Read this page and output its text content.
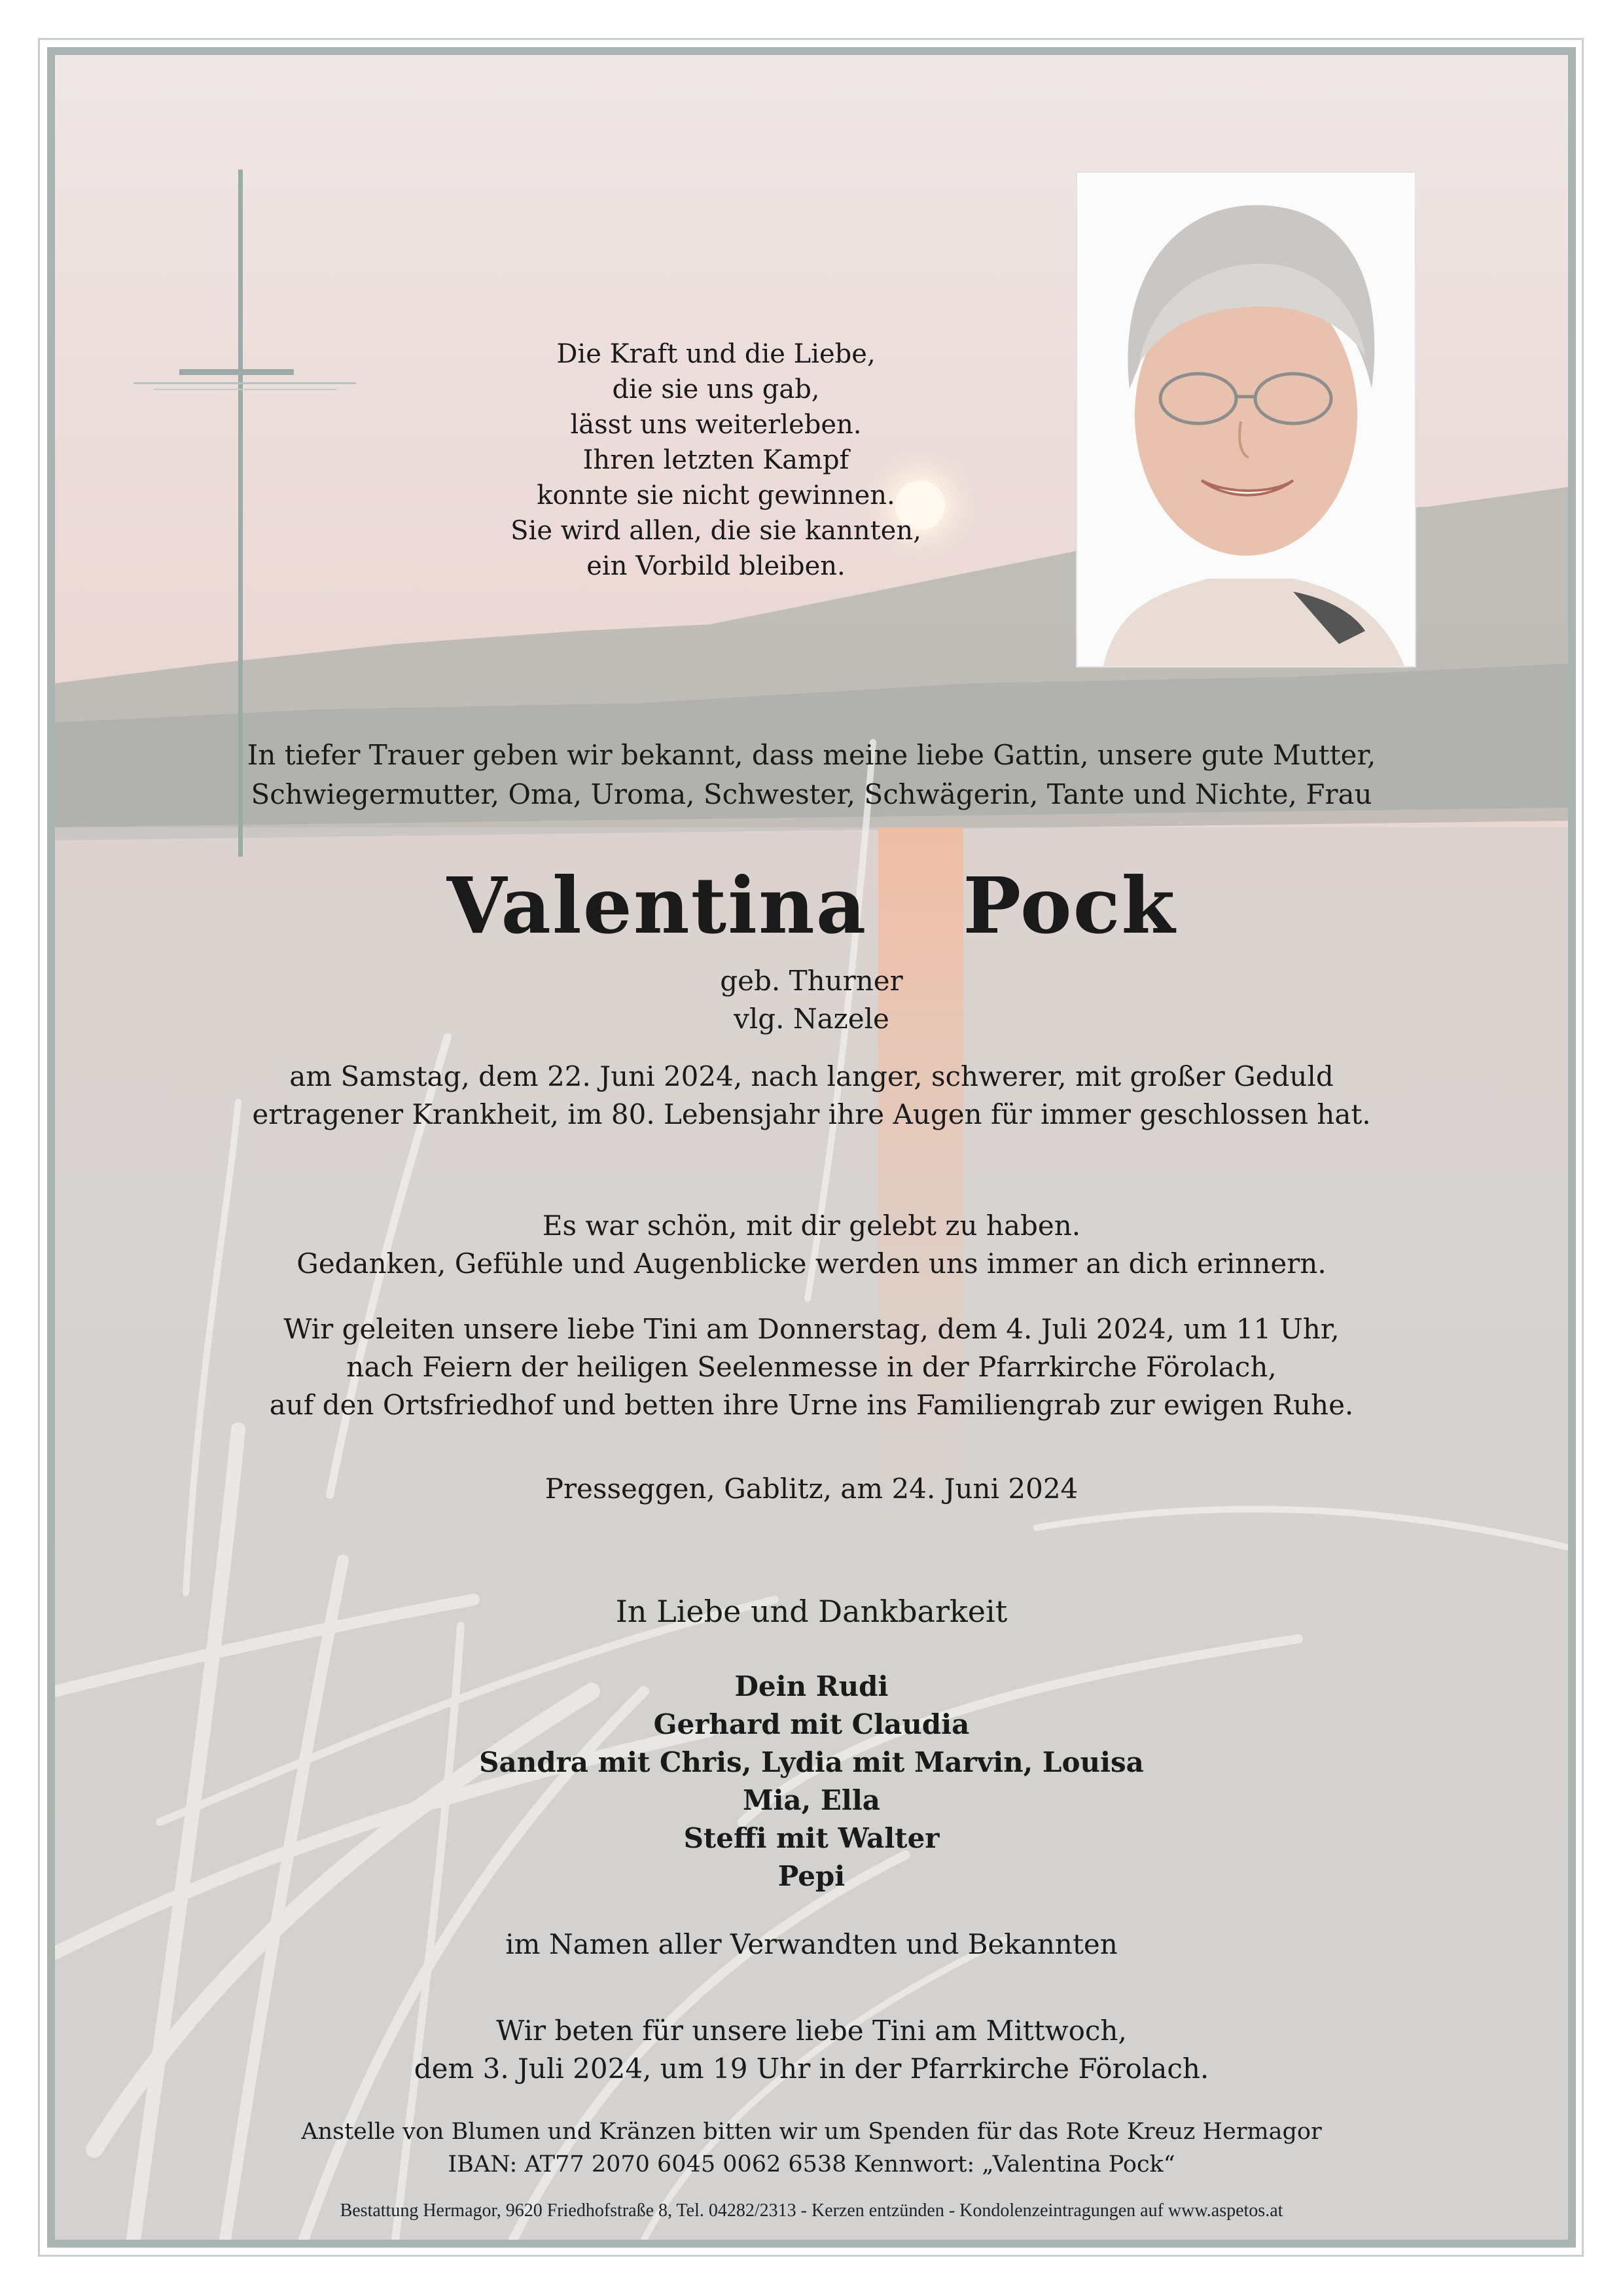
Die Kraft und die Liebe,
die sie uns gab,
lässt uns weiterleben.
Ihren letzten Kampf
konnte sie nicht gewinnen.
Sie wird allen, die sie kannten,
ein Vorbild bleiben.
In tiefer Trauer geben wir bekannt, dass meine liebe Gattin, unsere gute Mutter,
Schwiegermutter, Oma, Uroma, Schwester, Schwägerin, Tante und Nichte, Frau
Valentina  Pock
geb. Thurner
vlg. Nazele
am Samstag, dem 22. Juni 2024, nach langer, schwerer, mit großer Geduld
ertragener Krankheit, im 80. Lebensjahr ihre Augen für immer geschlossen hat.
Es war schön, mit dir gelebt zu haben.
Gedanken, Gefühle und Augenblicke werden uns immer an dich erinnern.
Wir geleiten unsere liebe Tini am Donnerstag, dem 4. Juli 2024, um 11 Uhr,
nach Feiern der heiligen Seelenmesse in der Pfarrkirche Förolach,
auf den Ortsfriedhof und betten ihre Urne ins Familiengrab zur ewigen Ruhe.
Presseggen, Gablitz, am 24. Juni 2024
In Liebe und Dankbarkeit
Dein Rudi
Gerhard mit Claudia
Sandra mit Chris, Lydia mit Marvin, Louisa
Mia, Ella
Steffi mit Walter
Pepi
im Namen aller Verwandten und Bekannten
Wir beten für unsere liebe Tini am Mittwoch,
dem 3. Juli 2024, um 19 Uhr in der Pfarrkirche Förolach.
Anstelle von Blumen und Kränzen bitten wir um Spenden für das Rote Kreuz Hermagor
IBAN: AT77 2070 6045 0062 6538 Kennwort: „Valentina Pock“
Bestattung Hermagor, 9620 Friedhofstraße 8, Tel. 04282/2313 - Kerzen entzünden - Kondolenzeintragungen auf www.aspetos.at
